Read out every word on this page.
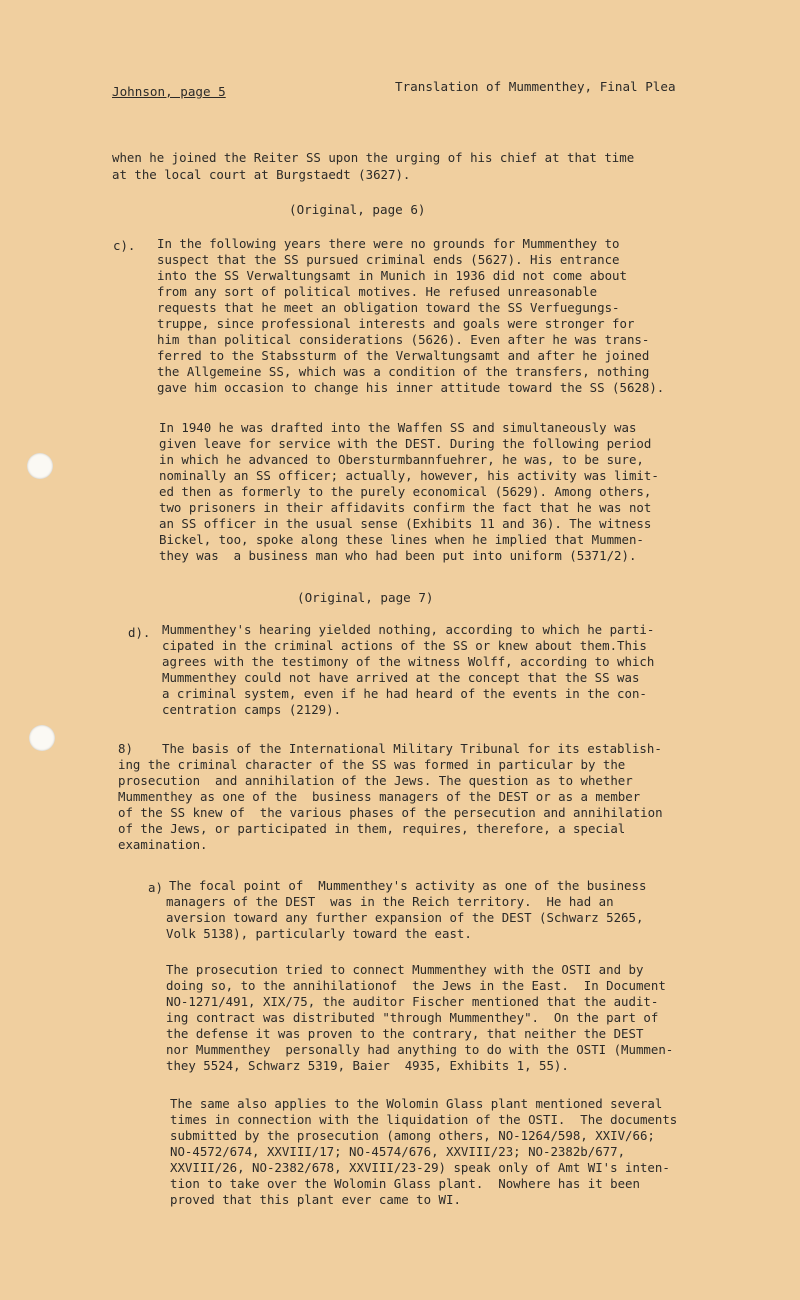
Johnson, page 5	Translation of Mummenthey, Final Plea
when he joined the Reiter SS upon the urging of his chief at that time
at the local court at Burgstaedt (3627).
(Original, page 6)
c). In the following years there were no grounds for Mummenthey to
suspect that the SS pursued criminal ends (5627). His entrance
into the SS Verwaltungsamt in Munich in 1936 did not come about
from any sort of political motives. He refused unreasonable
requests that he meet an obligation toward the SS Verfuegungs-
truppe, since professional interests and goals were stronger for
him than political considerations (5626). Even after he was trans-
ferred to the Stabssturm of the Verwaltungsamt and after he joined
the Allgemeine SS, which was a condition of the transfers, nothing
gave him occasion to change his inner attitude toward the SS (5628).
In 1940 he was drafted into the Waffen SS and simultaneously was
given leave for service with the DEST. During the following period
in which he advanced to Obersturmbannfuehrer, he was, to be sure,
nominally an SS officer; actually, however, his activity was limit-
ed then as formerly to the purely economical (5629). Among others,
two prisoners in their affidavits confirm the fact that he was not
an SS officer in the usual sense (Exhibits 11 and 36). The witness
Bickel, too, spoke along these lines when he implied that Mummen-
they was  a business man who had been put into uniform (5371/2).
(Original, page 7)
d). Mummenthey's hearing yielded nothing, according to which he parti-
cipated in the criminal actions of the SS or knew about them.This
agrees with the testimony of the witness Wolff, according to which
Mummenthey could not have arrived at the concept that the SS was
a criminal system, even if he had heard of the events in the con-
centration camps (2129).
8) The basis of the International Military Tribunal for its establish-
ing the criminal character of the SS was formed in particular by the
prosecution  and annihilation of the Jews. The question as to whether
Mummenthey as one of the  business managers of the DEST or as a member
of the SS knew of  the various phases of the persecution and annihilation
of the Jews, or participated in them, requires, therefore, a special
examination.
a) The focal point of  Mummenthey's activity as one of the business
managers of the DEST  was in the Reich territory.  He had an
aversion toward any further expansion of the DEST (Schwarz 5265,
Volk 5138), particularly toward the east.
The prosecution tried to connect Mummenthey with the OSTI and by
doing so, to the annihilationof  the Jews in the East.  In Document
NO-1271/491, XIX/75, the auditor Fischer mentioned that the audit-
ing contract was distributed "through Mummenthey".  On the part of
the defense it was proven to the contrary, that neither the DEST
nor Mummenthey  personally had anything to do with the OSTI (Mummen-
they 5524, Schwarz 5319, Baier  4935, Exhibits 1, 55).
The same also applies to the Wolomin Glass plant mentioned several
times in connection with the liquidation of the OSTI.  The documents
submitted by the prosecution (among others, NO-1264/598, XXIV/66;
NO-4572/674, XXVIII/17; NO-4574/676, XXVIII/23; NO-2382b/677,
XXVIII/26, NO-2382/678, XXVIII/23-29) speak only of Amt WI's inten-
tion to take over the Wolomin Glass plant.  Nowhere has it been
proved that this plant ever came to WI.
